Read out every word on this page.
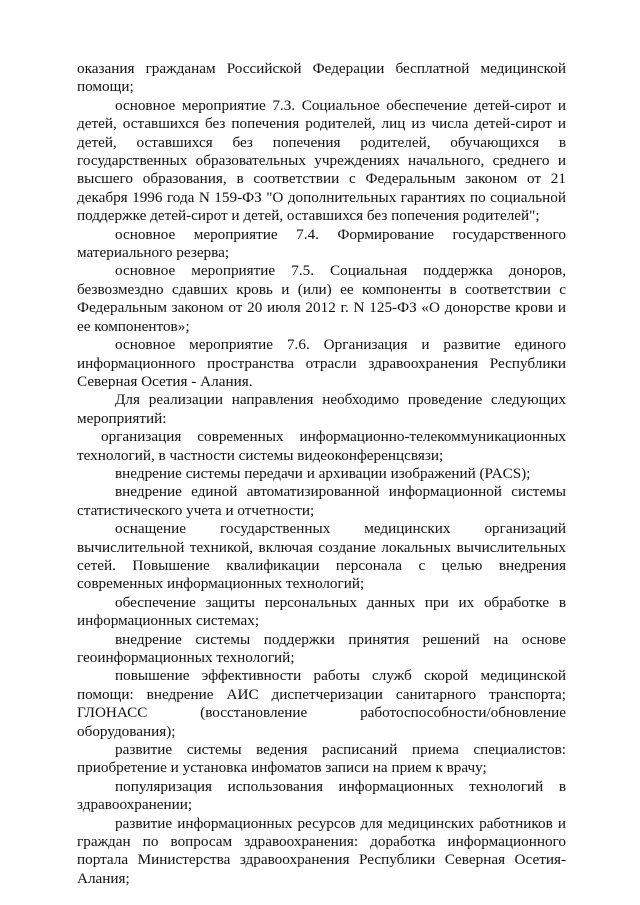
оказания гражданам Российской Федерации бесплатной медицинской помощи;

основное мероприятие 7.3. Социальное обеспечение детей-сирот и детей, оставшихся без попечения родителей, лиц из числа детей-сирот и детей, оставшихся без попечения родителей, обучающихся в государственных образовательных учреждениях начального, среднего и высшего образования, в соответствии с Федеральным законом от 21 декабря 1996 года N 159-ФЗ "О дополнительных гарантиях по социальной поддержке детей-сирот и детей, оставшихся без попечения родителей";

основное мероприятие 7.4. Формирование государственного материального резерва;

основное мероприятие 7.5. Социальная поддержка доноров, безвозмездно сдавших кровь и (или) ее компоненты в соответствии с Федеральным законом от 20 июля 2012 г. N 125-ФЗ «О донорстве крови и ее компонентов»;

основное мероприятие 7.6. Организация и развитие единого информационного пространства отрасли здравоохранения Республики Северная Осетия - Алания.

Для реализации направления необходимо проведение следующих мероприятий:

организация современных информационно-телекоммуникационных технологий, в частности системы видеоконференцсвязи;

внедрение системы передачи и архивации изображений (PACS);

внедрение единой автоматизированной информационной системы статистического учета и отчетности;

оснащение государственных медицинских организаций вычислительной техникой, включая создание локальных вычислительных сетей. Повышение квалификации персонала с целью внедрения современных информационных технологий;

обеспечение защиты персональных данных при их обработке в информационных системах;

внедрение системы поддержки принятия решений на основе геоинформационных технологий;

повышение эффективности работы служб скорой медицинской помощи: внедрение АИС диспетчеризации санитарного транспорта; ГЛОНАСС (восстановление работоспособности/обновление оборудования);

развитие системы ведения расписаний приема специалистов: приобретение и установка инфоматов записи на прием к врачу;

популяризация использования информационных технологий в здравоохранении;

развитие информационных ресурсов для медицинских работников и граждан по вопросам здравоохранения: доработка информационного портала Министерства здравоохранения Республики Северная Осетия-Алания;
